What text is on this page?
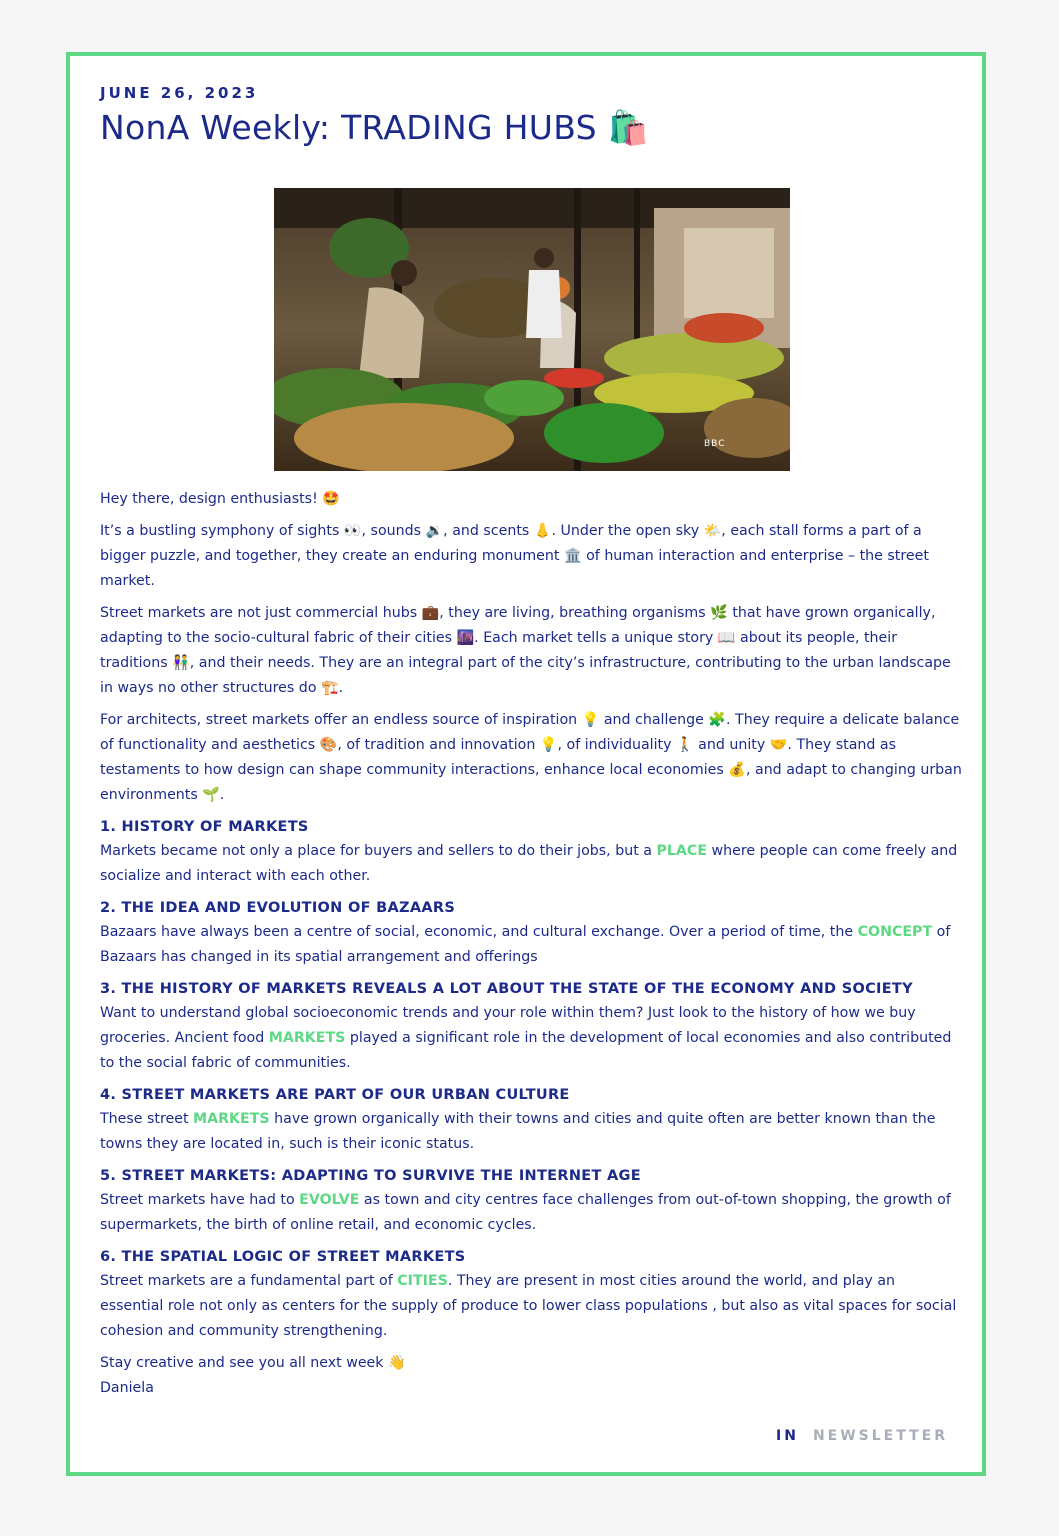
JUNE 26, 2023
NonA Weekly: TRADING HUBS 🛍️
BBC

Hey there, design enthusiasts! 🤩

It’s a bustling symphony of sights 👀, sounds 🔉, and scents 👃. Under the open sky 🌤️, each stall forms a part of a bigger puzzle, and together, they create an enduring monument 🏛️ of human interaction and enterprise – the street market.

Street markets are not just commercial hubs 💼, they are living, breathing organisms 🌿 that have grown organically, adapting to the socio-cultural fabric of their cities 🌆. Each market tells a unique story 📖 about its people, their traditions 👫, and their needs. They are an integral part of the city’s infrastructure, contributing to the urban landscape in ways no other structures do 🏗️.

For architects, street markets offer an endless source of inspiration 💡 and challenge 🧩. They require a delicate balance of functionality and aesthetics 🎨, of tradition and innovation 💡, of individuality 🚶 and unity 🤝. They stand as testaments to how design can shape community interactions, enhance local economies 💰, and adapt to changing urban environments 🌱.

1. HISTORY OF MARKETS

Markets became not only a place for buyers and sellers to do their jobs, but a PLACE where people can come freely and socialize and interact with each other.

2. THE IDEA AND EVOLUTION OF BAZAARS

Bazaars have always been a centre of social, economic, and cultural exchange. Over a period of time, the CONCEPT of Bazaars has changed in its spatial arrangement and offerings

3. THE HISTORY OF MARKETS REVEALS A LOT ABOUT THE STATE OF THE ECONOMY AND SOCIETY

Want to understand global socioeconomic trends and your role within them? Just look to the history of how we buy groceries. Ancient food MARKETS played a significant role in the development of local economies and also contributed to the social fabric of communities.

4. STREET MARKETS ARE PART OF OUR URBAN CULTURE

These street MARKETS have grown organically with their towns and cities and quite often are better known than the towns they are located in, such is their iconic status.

5. STREET MARKETS: ADAPTING TO SURVIVE THE INTERNET AGE

Street markets have had to EVOLVE as town and city centres face challenges from out-of-town shopping, the growth of supermarkets, the birth of online retail, and economic cycles.

6. THE SPATIAL LOGIC OF STREET MARKETS

Street markets are a fundamental part of CITIES. They are present in most cities around the world, and play an essential role not only as centers for the supply of produce to lower class populations , but also as vital spaces for social cohesion and community strengthening.

Stay creative and see you all next week 👋

Daniela

IN NEWSLETTER
